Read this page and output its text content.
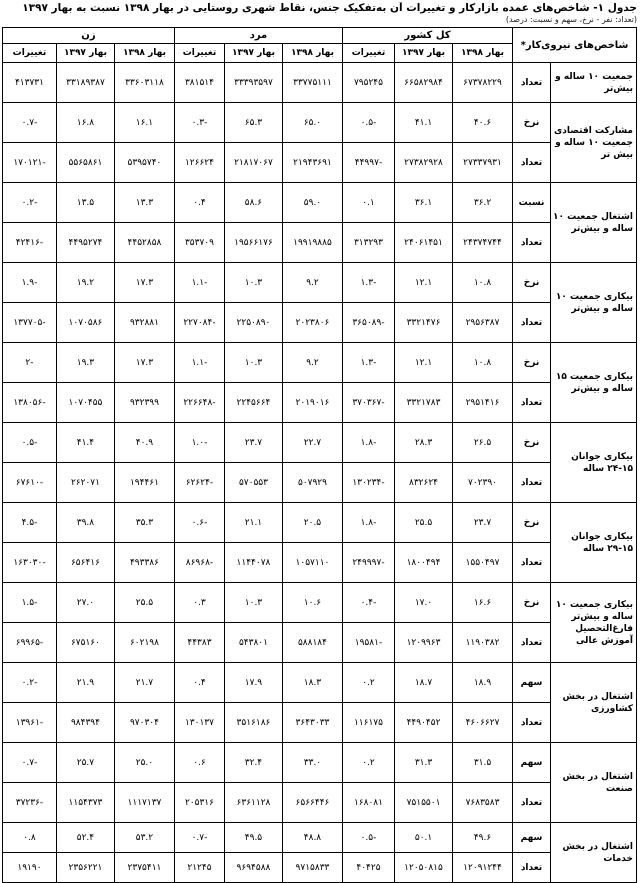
جدول ۱- شاخص‌های عمده بازارکار و تغییرات آن به‌تفکیک جنس، نقاط شهری روستایی در بهار ۱۳۹۸ نسبت به بهار ۱۳۹۷
(تعداد: نفر - نرخ، سهم و نسبت: درصد)
شاخص‌های نیروی‌کار*		کل کشور			مرد			زن		
		بهار ۱۳۹۸	بهار ۱۳۹۷	تغییرات	بهار ۱۳۹۸	بهار ۱۳۹۷	تغییرات	بهار ۱۳۹۸	بهار ۱۳۹۷	تغییرات
جمعیت ۱۰ ساله و بیش‌تر	تعداد	۶۷۳۷۸۲۲۹	۶۶۵۸۲۹۸۴	۷۹۵۲۴۵	۳۳۷۷۵۱۱۱	۳۳۳۹۳۵۹۷	۳۸۱۵۱۴	۳۳۶۰۳۱۱۸	۳۳۱۸۹۳۸۷	۴۱۳۷۳۱
مشارکت اقتصادی جمعیت ۱۰ ساله و بیش‌ تر	نرخ	۴۰.۶	۴۱.۱	-۰.۵	۶۵.۰	۶۵.۳	-۰.۳	۱۶.۱	۱۶.۸	-۰.۷
	تعداد	۲۷۳۳۷۹۳۱	۲۷۳۸۲۹۲۸	-۴۴۹۹۷	۲۱۹۴۳۶۹۱	۲۱۸۱۷۰۶۷	۱۲۶۶۲۴	۵۳۹۵۷۴۰	۵۵۶۵۸۶۱	-۱۷۰۱۲۱
اشتغال جمعیت ۱۰ ساله و بیش‌تر	نسبت	۳۶.۲	۳۶.۱	۰.۱	۵۹.۰	۵۸.۶	۰.۴	۱۳.۳	۱۳.۵	-۰.۲
	تعداد	۲۴۳۷۴۷۴۴	۲۴۰۶۱۴۵۱	۳۱۳۲۹۳	۱۹۹۱۹۸۸۵	۱۹۵۶۶۱۷۶	۳۵۳۷۰۹	۴۴۵۲۸۵۸	۴۴۹۵۲۷۴	-۴۲۴۱۶
بیکاری جمعیت ۱۰ ساله و بیش‌تر	نرخ	۱۰.۸	۱۲.۱	-۱.۳	۹.۲	۱۰.۳	-۱.۱	۱۷.۳	۱۹.۲	-۱.۹
	تعداد	۲۹۵۶۳۸۷	۳۳۲۱۴۷۶	-۳۶۵۰۸۹	۲۰۲۳۸۰۶	۲۲۵۰۸۹۰	-۲۲۷۰۸۴	۹۳۲۸۸۱	۱۰۷۰۵۸۶	-۱۳۷۷۰۵
بیکاری جمعیت ۱۵ ساله و بیش‌تر	نرخ	۱۰.۸	۱۲.۱	-۱.۳	۹.۲	۱۰.۳	-۱.۱	۱۷.۳	۱۹.۳	-۲
	تعداد	۲۹۵۱۴۱۶	۳۳۲۱۷۸۳	-۳۷۰۳۶۷	۲۰۱۹۰۱۶	۲۲۴۵۶۶۴	-۲۲۶۶۴۸	۹۳۲۳۹۹	۱۰۷۰۴۵۵	-۱۳۸۰۵۶
بیکاری جوانان ۱۵-۲۴ ساله	نرخ	۲۶.۵	۲۸.۳	-۱.۸	۲۲.۷	۲۳.۷	-۱.۰	۴۰.۹	۴۱.۴	-۰.۵
	تعداد	۷۰۲۳۹۰	۸۳۲۶۲۴	-۱۳۰۲۳۴	۵۰۷۹۲۹	۵۷۰۵۵۳	-۶۲۶۲۴	۱۹۴۴۶۱	۲۶۲۰۷۱	-۶۷۶۱۰
بیکاری جوانان ۱۵-۲۹ ساله	نرخ	۲۳.۷	۲۵.۵	-۱.۸	۲۰.۵	۲۱.۱	-۰.۶	۳۵.۳	۳۹.۸	-۴.۵
	تعداد	۱۵۵۰۴۹۷	۱۸۰۰۴۹۴	-۲۴۹۹۹۷	۱۰۵۷۱۱۰	۱۱۴۴۰۷۸	-۸۶۹۶۸	۴۹۳۳۸۶	۶۵۶۴۱۶	-۱۶۳۰۳۰
بیکاری جمعیت ۱۰ ساله و بیش‌تر فارغ‌التحصیل آموزش عالی	نرخ	۱۶.۶	۱۷.۰	-۰.۴	۱۰.۶	۱۰.۳	۰.۳	۲۵.۵	۲۷.۰	-۱.۵
	تعداد	۱۱۹۰۳۸۲	۱۲۰۹۹۶۳	-۱۹۵۸۱	۵۸۸۱۸۴	۵۴۳۸۰۱	۴۴۳۸۳	۶۰۲۱۹۸	۶۷۵۱۶۰	-۶۹۹۶۵
اشتغال در بخش کشاورزی	سهم	۱۸.۹	۱۸.۷	۰.۲	۱۸.۳	۱۷.۹	۰.۴	۲۱.۷	۲۱.۹	-۰.۲
	تعداد	۴۶۰۶۶۲۷	۴۴۹۰۴۵۲	۱۱۶۱۷۵	۳۶۴۳۰۳۳	۳۵۱۶۱۸۶	۱۳۰۱۳۷	۹۷۰۳۰۴	۹۸۴۳۹۴	-۱۳۹۶۱
اشتغال در بخش صنعت	سهم	۳۱.۵	۳۱.۳	۰.۲	۳۳.۰	۳۲.۴	۰.۶	۲۵.۰	۲۵.۷	-۰.۷
	تعداد	۷۶۸۳۵۸۳	۷۵۱۵۵۰۱	۱۶۸۰۸۱	۶۵۶۶۴۴۶	۶۳۶۱۱۲۸	۲۰۵۳۱۶	۱۱۱۷۱۳۷	۱۱۵۴۳۷۳	-۳۷۲۳۶
اشتغال در بخش خدمات	سهم	۴۹.۶	۵۰.۱	-۰.۵	۴۸.۸	۴۹.۵	-۰.۷	۵۳.۲	۵۲.۴	۰.۸
	تعداد	۱۲۰۹۱۲۴۴	۱۲۰۵۰۸۱۵	۴۰۴۲۵	۹۷۱۵۸۳۳	۹۶۹۴۵۸۸	۲۱۲۴۵	۲۳۷۵۴۱۱	۲۳۵۶۲۲۱	۱۹۱۹۰
